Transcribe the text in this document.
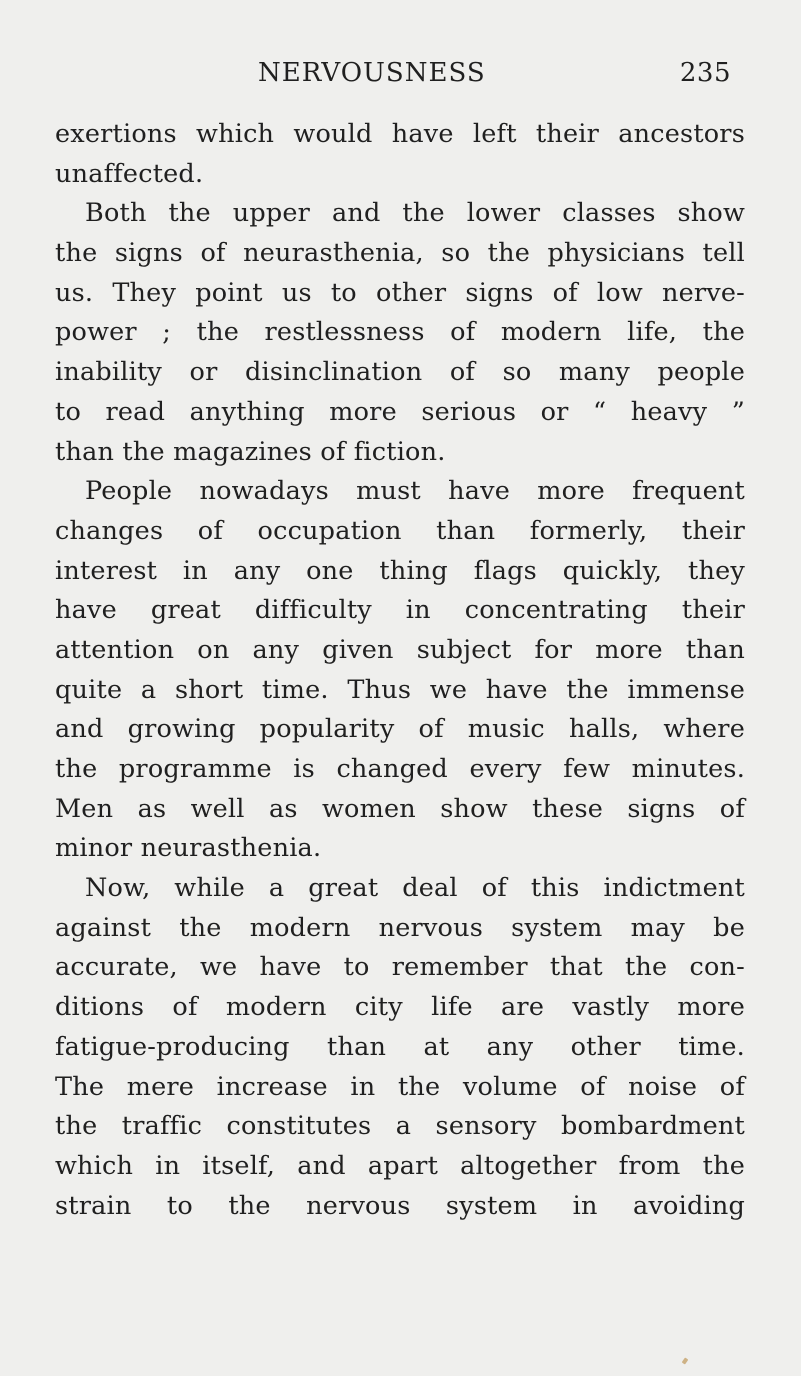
NERVOUSNESS	235
exertions which would have left their ancestors
unaffected.
Both the upper and the lower classes show
the signs of neurasthenia, so the physicians tell
us. They point us to other signs of low nerve-
power ; the restlessness of modern life, the
inability or disinclination of so many people
to read anything more serious or “ heavy ”
than the magazines of fiction.
People nowadays must have more frequent
changes of occupation than formerly, their
interest in any one thing flags quickly, they
have great difficulty in concentrating their
attention on any given subject for more than
quite a short time. Thus we have the immense
and growing popularity of music halls, where
the programme is changed every few minutes.
Men as well as women show these signs of
minor neurasthenia.
Now, while a great deal of this indictment
against the modern nervous system may be
accurate, we have to remember that the con-
ditions of modern city life are vastly more
fatigue-producing than at any other time.
The mere increase in the volume of noise of
the traffic constitutes a sensory bombardment
which in itself, and apart altogether from the
strain to the nervous system in avoiding
